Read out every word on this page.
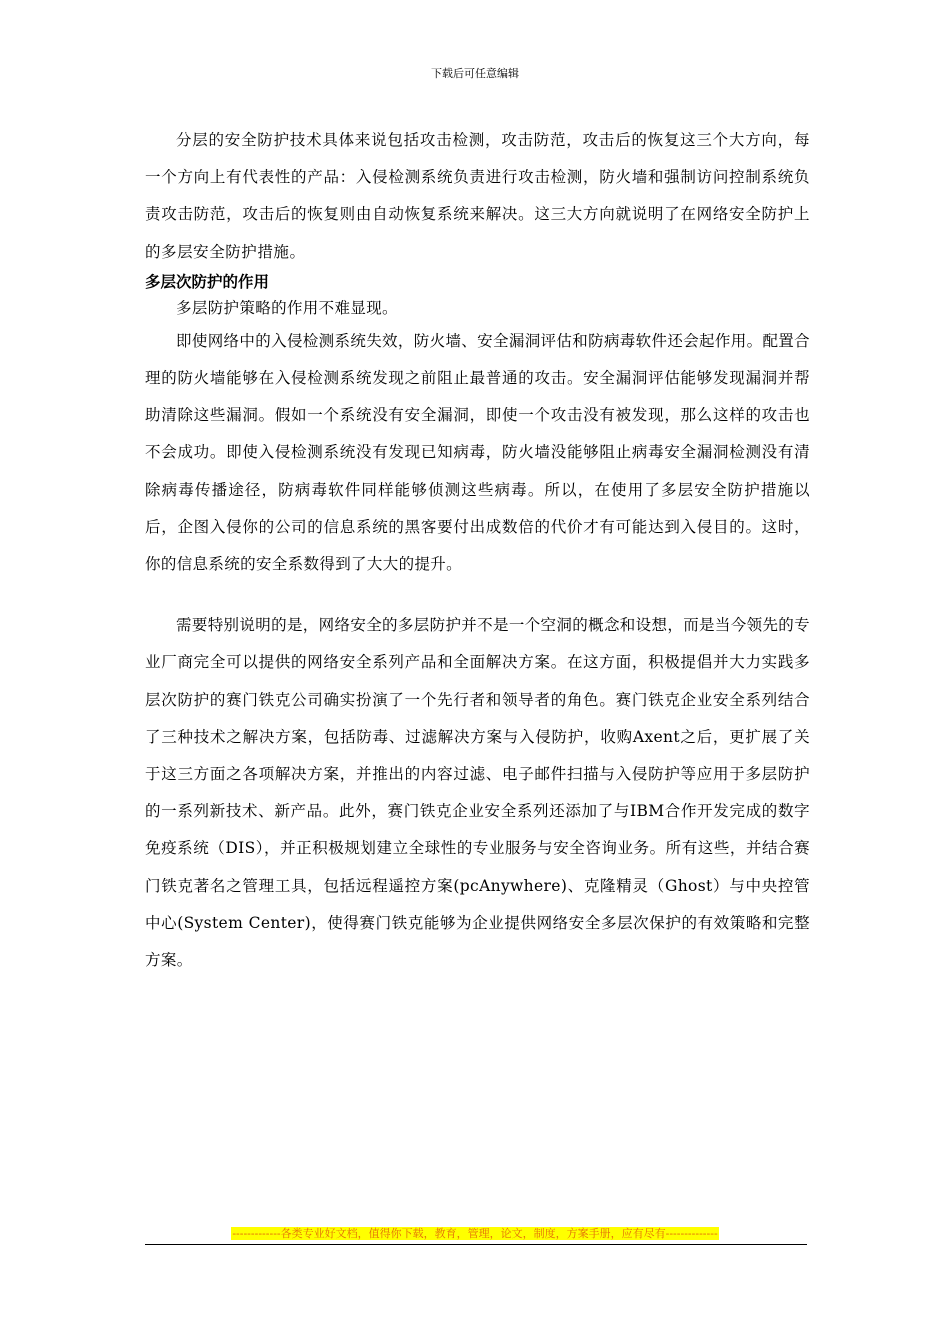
下载后可任意编辑

分层的安全防护技术具体来说包括攻击检测，攻击防范，攻击后的恢复这三个大方向，每一个方向上有代表性的产品：入侵检测系统负责进行攻击检测，防火墙和强制访问控制系统负责攻击防范，攻击后的恢复则由自动恢复系统来解决。这三大方向就说明了在网络安全防护上的多层安全防护措施。

多层次防护的作用

多层防护策略的作用不难显现。

即使网络中的入侵检测系统失效，防火墙、安全漏洞评估和防病毒软件还会起作用。配置合理的防火墙能够在入侵检测系统发现之前阻止最普通的攻击。安全漏洞评估能够发现漏洞并帮助清除这些漏洞。假如一个系统没有安全漏洞，即使一个攻击没有被发现，那么这样的攻击也不会成功。即使入侵检测系统没有发现已知病毒，防火墙没能够阻止病毒安全漏洞检测没有清除病毒传播途径，防病毒软件同样能够侦测这些病毒。所以，在使用了多层安全防护措施以后，企图入侵你的公司的信息系统的黑客要付出成数倍的代价才有可能达到入侵目的。这时，你的信息系统的安全系数得到了大大的提升。

需要特别说明的是，网络安全的多层防护并不是一个空洞的概念和设想，而是当今领先的专业厂商完全可以提供的网络安全系列产品和全面解决方案。在这方面，积极提倡并大力实践多层次防护的赛门铁克公司确实扮演了一个先行者和领导者的角色。赛门铁克企业安全系列结合了三种技术之解决方案，包括防毒、过滤解决方案与入侵防护，收购Axent之后，更扩展了关于这三方面之各项解决方案，并推出的内容过滤、电子邮件扫描与入侵防护等应用于多层防护的一系列新技术、新产品。此外，赛门铁克企业安全系列还添加了与IBM合作开发完成的数字免疫系统（DIS），并正积极规划建立全球性的专业服务与安全咨询业务。所有这些，并结合赛门铁克著名之管理工具，包括远程遥控方案(pcAnywhere)、克隆精灵（Ghost）与中央控管中心(System Center)，使得赛门铁克能够为企业提供网络安全多层次保护的有效策略和完整方案。

-------------各类专业好文档，值得你下载，教育，管理，论文，制度，方案手册，应有尽有--------------
